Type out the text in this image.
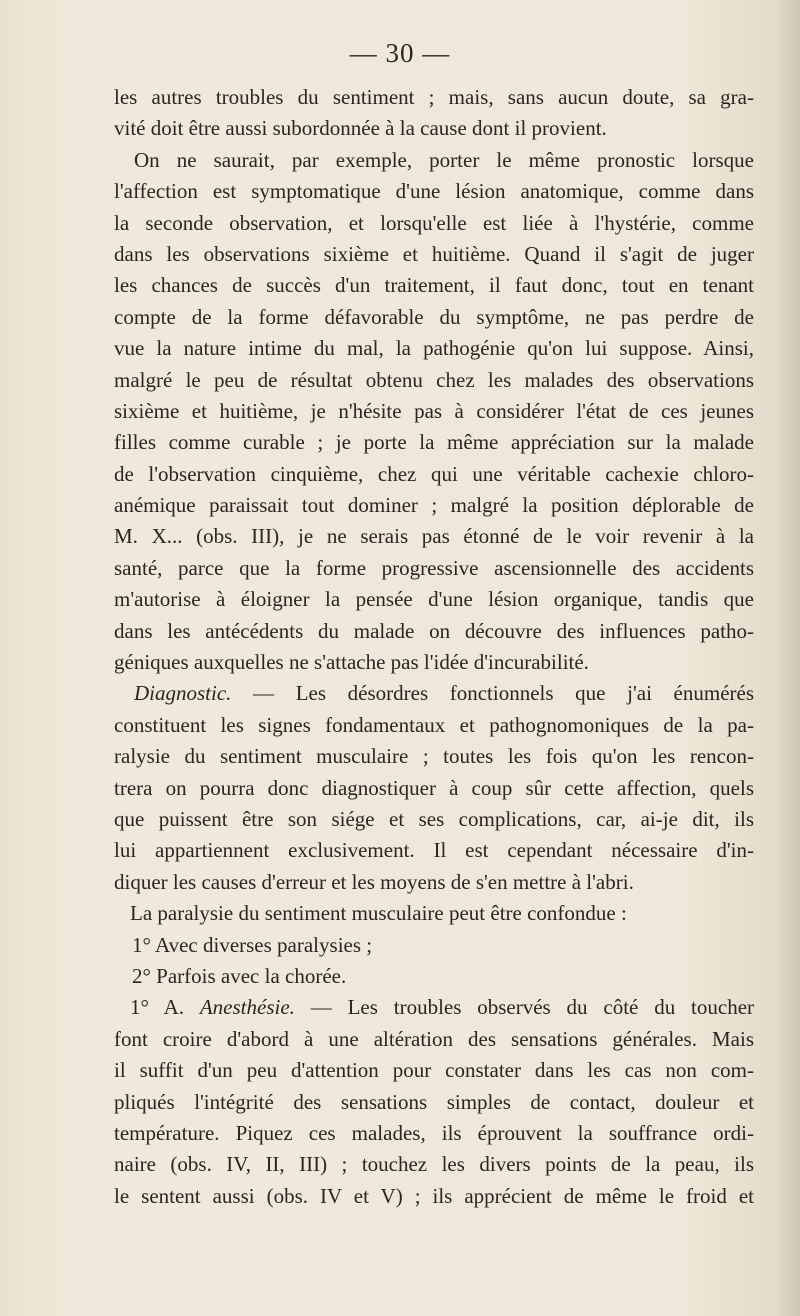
— 30 —
les autres troubles du sentiment ; mais, sans aucun doute, sa gra-
vité doit être aussi subordonnée à la cause dont il provient.
On ne saurait, par exemple, porter le même pronostic lorsque
l'affection est symptomatique d'une lésion anatomique, comme dans
la seconde observation, et lorsqu'elle est liée à l'hystérie, comme
dans les observations sixième et huitième. Quand il s'agit de juger
les chances de succès d'un traitement, il faut donc, tout en tenant
compte de la forme défavorable du symptôme, ne pas perdre de
vue la nature intime du mal, la pathogénie qu'on lui suppose. Ainsi,
malgré le peu de résultat obtenu chez les malades des observations
sixième et huitième, je n'hésite pas à considérer l'état de ces jeunes
filles comme curable ; je porte la même appréciation sur la malade
de l'observation cinquième, chez qui une véritable cachexie chloro-
anémique paraissait tout dominer ; malgré la position déplorable de
M. X... (obs. III), je ne serais pas étonné de le voir revenir à la
santé, parce que la forme progressive ascensionnelle des accidents
m'autorise à éloigner la pensée d'une lésion organique, tandis que
dans les antécédents du malade on découvre des influences patho-
géniques auxquelles ne s'attache pas l'idée d'incurabilité.
Diagnostic. — Les désordres fonctionnels que j'ai énumérés
constituent les signes fondamentaux et pathognomoniques de la pa-
ralysie du sentiment musculaire ; toutes les fois qu'on les rencon-
trera on pourra donc diagnostiquer à coup sûr cette affection, quels
que puissent être son siége et ses complications, car, ai-je dit, ils
lui appartiennent exclusivement. Il est cependant nécessaire d'in-
diquer les causes d'erreur et les moyens de s'en mettre à l'abri.
La paralysie du sentiment musculaire peut être confondue :
1° Avec diverses paralysies ;
2° Parfois avec la chorée.
1° A. Anesthésie. — Les troubles observés du côté du toucher
font croire d'abord à une altération des sensations générales. Mais
il suffit d'un peu d'attention pour constater dans les cas non com-
pliqués l'intégrité des sensations simples de contact, douleur et
température. Piquez ces malades, ils éprouvent la souffrance ordi-
naire (obs. IV, II, III) ; touchez les divers points de la peau, ils
le sentent aussi (obs. IV et V) ; ils apprécient de même le froid et
